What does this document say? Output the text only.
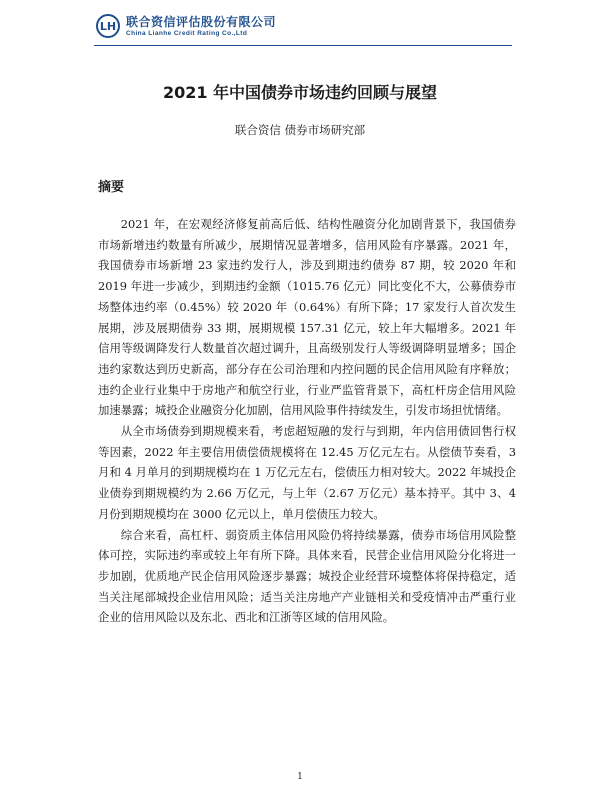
LH 联合资信评估股份有限公司
China Lianhe Credit Rating Co.,Ltd
2021 年中国债券市场违约回顾与展望
联合资信 债券市场研究部
摘要

2021 年，在宏观经济修复前高后低、结构性融资分化加剧背景下，我国债券市场新增违约数量有所减少，展期情况显著增多，信用风险有序暴露。2021 年，我国债券市场新增 23 家违约发行人，涉及到期违约债券 87 期，较 2020 年和 2019 年进一步减少，到期违约金额（1015.76 亿元）同比变化不大，公募债券市场整体违约率（0.45%）较 2020 年（0.64%）有所下降；17 家发行人首次发生展期，涉及展期债券 33 期，展期规模 157.31 亿元，较上年大幅增多。2021 年信用等级调降发行人数量首次超过调升，且高级别发行人等级调降明显增多；国企违约家数达到历史新高，部分存在公司治理和内控问题的民企信用风险有序释放；违约企业行业集中于房地产和航空行业，行业严监管背景下，高杠杆房企信用风险加速暴露；城投企业融资分化加剧，信用风险事件持续发生，引发市场担忧情绪。

从全市场债券到期规模来看，考虑超短融的发行与到期，年内信用债回售行权等因素，2022 年主要信用债偿债规模将在 12.45 万亿元左右。从偿债节奏看，3 月和 4 月单月的到期规模均在 1 万亿元左右，偿债压力相对较大。2022 年城投企业债券到期规模约为 2.66 万亿元，与上年（2.67 万亿元）基本持平。其中 3、4 月份到期规模均在 3000 亿元以上，单月偿债压力较大。

综合来看，高杠杆、弱资质主体信用风险仍将持续暴露，债券市场信用风险整体可控，实际违约率或较上年有所下降。具体来看，民营企业信用风险分化将进一步加剧，优质地产民企信用风险逐步暴露；城投企业经营环境整体将保持稳定，适当关注尾部城投企业信用风险；适当关注房地产产业链相关和受疫情冲击严重行业企业的信用风险以及东北、西北和江浙等区域的信用风险。

1
